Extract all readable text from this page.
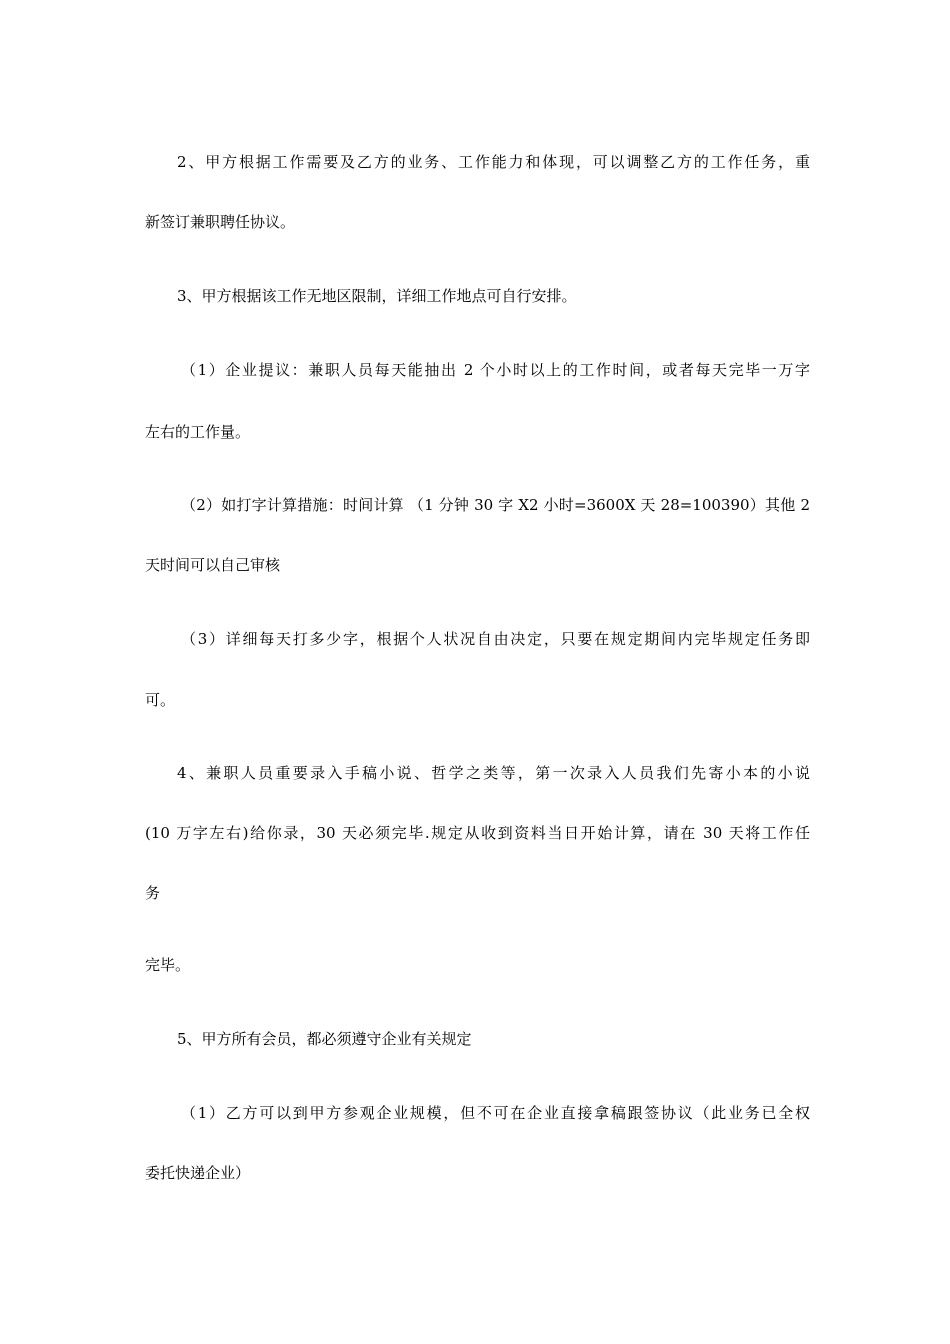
2、甲方根据工作需要及乙方的业务、工作能力和体现，可以调整乙方的工作任务，重
新签订兼职聘任协议。
3、甲方根据该工作无地区限制，详细工作地点可自行安排。
（1）企业提议：兼职人员每天能抽出 2 个小时以上的工作时间，或者每天完毕一万字
左右的工作量。
（2）如打字计算措施：时间计算 （1 分钟 30 字 X2 小时=3600X 天 28=100390）其他 2
天时间可以自己审核
（3）详细每天打多少字，根据个人状况自由决定，只要在规定期间内完毕规定任务即
可。
4、兼职人员重要录入手稿小说、哲学之类等，第一次录入人员我们先寄小本的小说
(10 万字左右)给你录，30 天必须完毕.规定从收到资料当日开始计算，请在 30 天将工作任
务
完毕。
5、甲方所有会员，都必须遵守企业有关规定
（1）乙方可以到甲方参观企业规模，但不可在企业直接拿稿跟签协议（此业务已全权
委托快递企业）
